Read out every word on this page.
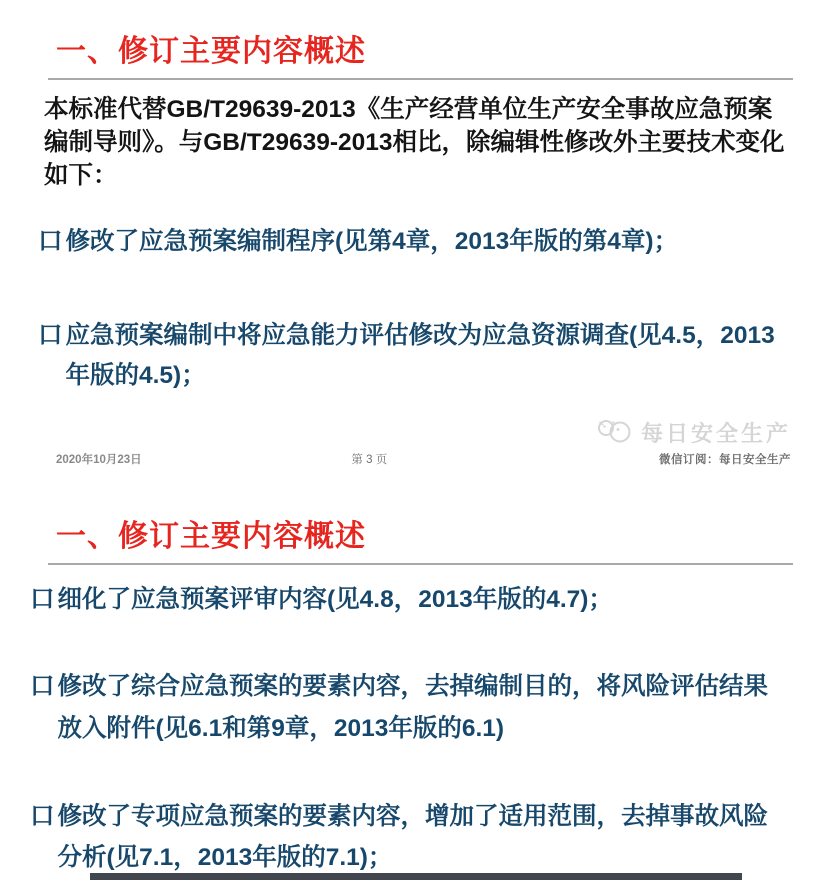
一、修订主要内容概述
本标准代替GB/T29639-2013《生产经营单位生产安全事故应急预案编制导则》。与GB/T29639-2013相比，除编辑性修改外主要技术变化如下：
口 修改了应急预案编制程序(见第4章，2013年版的第4章)；
口 应急预案编制中将应急能力评估修改为应急资源调查(见4.5，2013年版的4.5)；
2020年10月23日	第 3 页
每日安全生产
微信订阅：每日安全生产
一、修订主要内容概述
口 细化了应急预案评审内容(见4.8，2013年版的4.7)；
口 修改了综合应急预案的要素内容，去掉编制目的，将风险评估结果放入附件(见6.1和第9章，2013年版的6.1)
口 修改了专项应急预案的要素内容，增加了适用范围，去掉事故风险分析(见7.1，2013年版的7.1)；
